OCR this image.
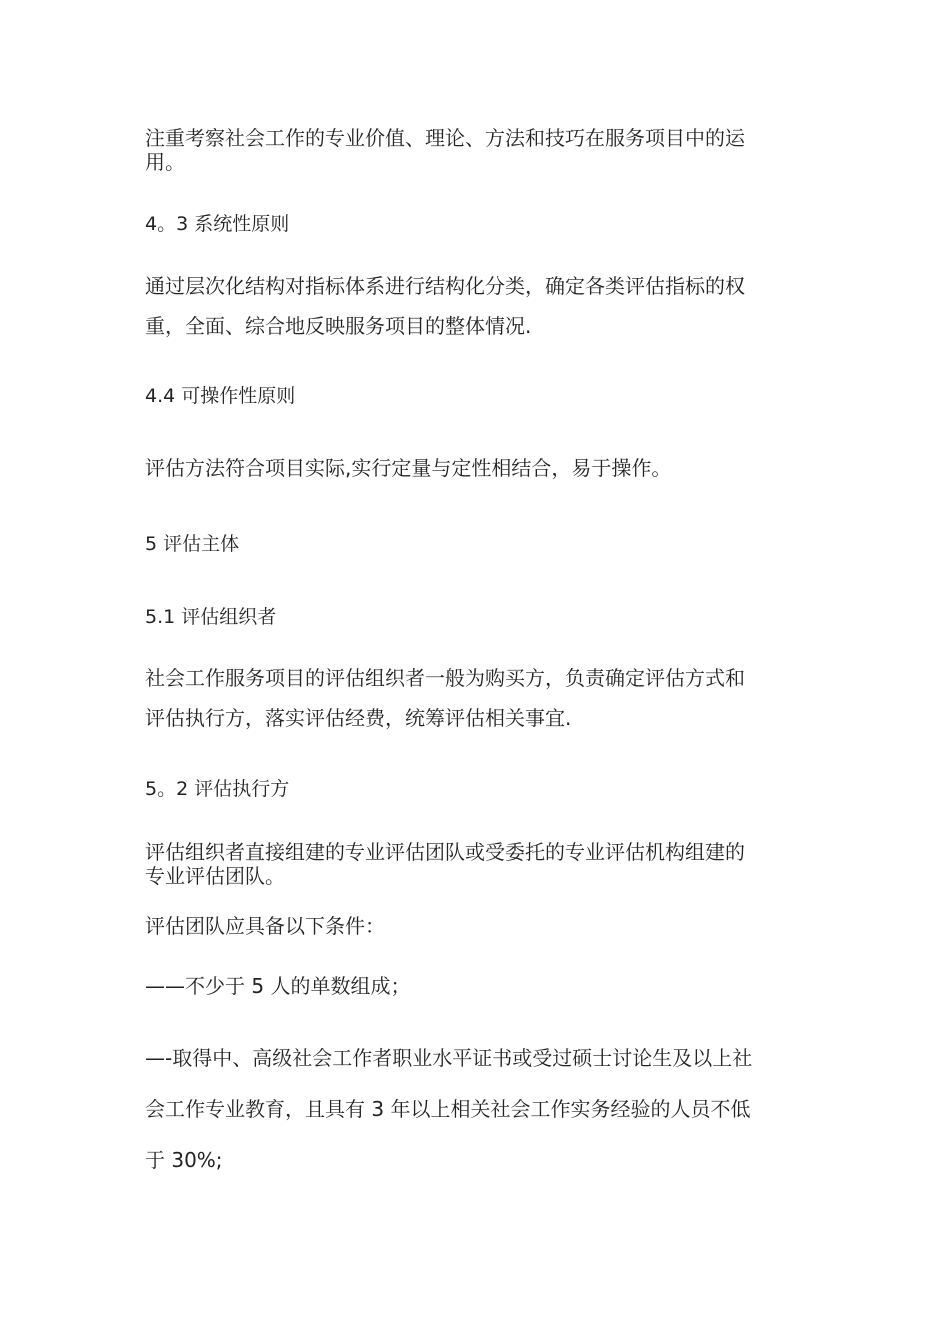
注重考察社会工作的专业价值、理论、方法和技巧在服务项目中的运
用。
4。3 系统性原则
通过层次化结构对指标体系进行结构化分类，确定各类评估指标的权
重，全面、综合地反映服务项目的整体情况.
4.4 可操作性原则
评估方法符合项目实际,实行定量与定性相结合，易于操作。
5 评估主体
5.1 评估组织者
社会工作服务项目的评估组织者一般为购买方，负责确定评估方式和
评估执行方，落实评估经费，统筹评估相关事宜.
5。2 评估执行方
评估组织者直接组建的专业评估团队或受委托的专业评估机构组建的
专业评估团队。
评估团队应具备以下条件：
——不少于 5 人的单数组成；
—-取得中、高级社会工作者职业水平证书或受过硕士讨论生及以上社
会工作专业教育，且具有 3 年以上相关社会工作实务经验的人员不低
于 30%;
